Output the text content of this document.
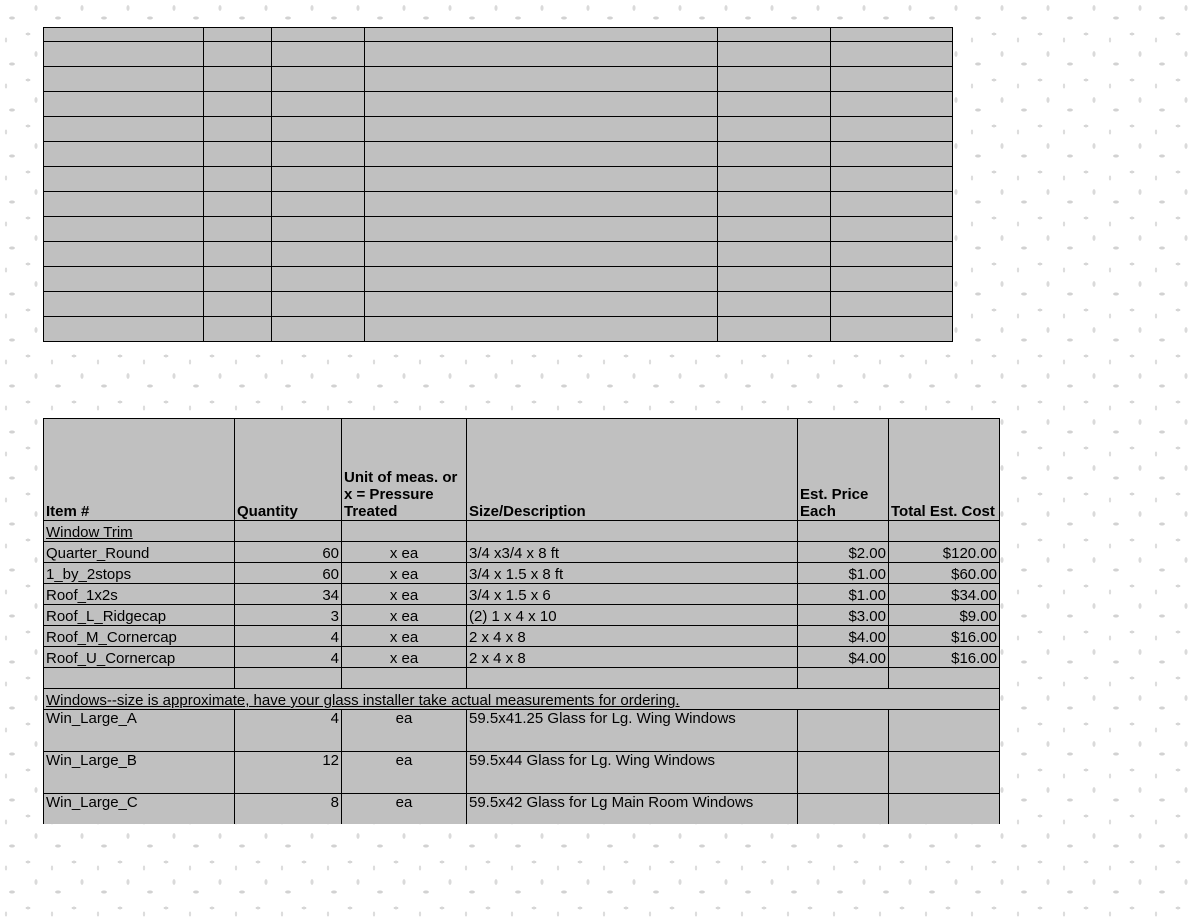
Item #	Quantity	Unit of meas. or x = Pressure Treated	Size/Description	Est. Price Each	Total Est. Cost
Window Trim					
Quarter_Round	60	x ea	3/4 x3/4 x 8 ft	$2.00	$120.00
1_by_2stops	60	x ea	3/4 x 1.5 x 8 ft	$1.00	$60.00
Roof_1x2s	34	x ea	3/4 x 1.5 x 6	$1.00	$34.00
Roof_L_Ridgecap	3	x ea	(2) 1 x 4 x 10	$3.00	$9.00
Roof_M_Cornercap	4	x ea	2 x 4 x 8	$4.00	$16.00
Roof_U_Cornercap	4	x ea	2 x 4 x 8	$4.00	$16.00

Windows--size is approximate, have your glass installer take actual measurements for ordering.					
Win_Large_A	4	ea	59.5x41.25 Glass for Lg. Wing Windows		
Win_Large_B	12	ea	59.5x44 Glass for Lg. Wing Windows		
Win_Large_C	8	ea	59.5x42 Glass for Lg Main Room Windows		
